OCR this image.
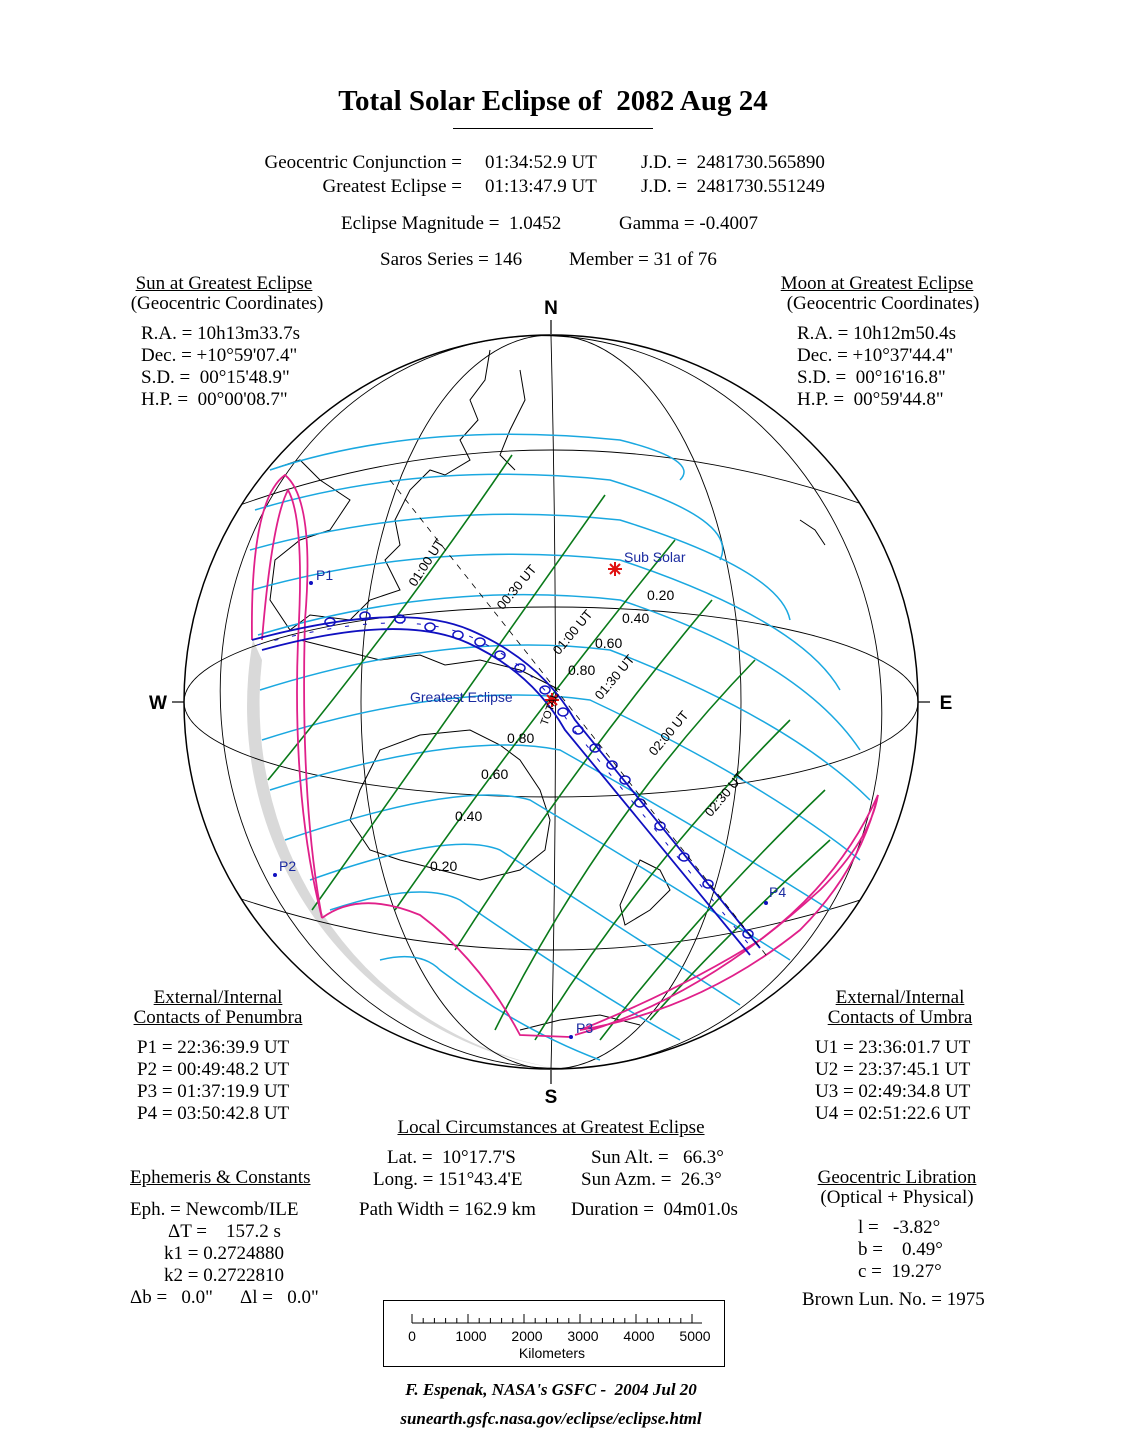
Total Solar Eclipse of  2082 Aug 24
Geocentric Conjunction = 01:34:52.9 UT J.D. =  2481730.565890
Greatest Eclipse = 01:13:47.9 UT J.D. =  2481730.551249
Eclipse Magnitude =  1.0452	Gamma = -0.4007
Saros Series = 146 Member = 31 of 76
Sun at Greatest Eclipse
(Geocentric Coordinates)
R.A. = 10h13m33.7s
Dec. = +10°59'07.4"
S.D. =  00°15'48.9"
H.P. =  00°00'08.7"
Moon at Greatest Eclipse
(Geocentric Coordinates)
R.A. = 10h12m50.4s
Dec. = +10°37'44.4"
S.D. =  00°16'16.8"
H.P. =  00°59'44.8"
N
S
W	E
Sub Solar
Greatest Eclipse
P1
P2
P3
P4
01:00 UT	00:30 UT
01:00 UT
01:30 UT
02:00 UT
02:30 UT
TOTAL
0.20
0.40
0.60
0.80
0.80
0.60
0.40
0.20
External/Internal
Contacts of Penumbra
P1 = 22:36:39.9 UT
P2 = 00:49:48.2 UT
P3 = 01:37:19.9 UT
P4 = 03:50:42.8 UT
External/Internal
Contacts of Umbra
U1 = 23:36:01.7 UT
U2 = 23:37:45.1 UT
U3 = 02:49:34.8 UT
U4 = 02:51:22.6 UT
Local Circumstances at Greatest Eclipse
Lat. =  10°17.7'S
Long. = 151°43.4'E
Sun Alt. =   66.3°
Sun Azm. =  26.3°
Path Width = 162.9 km Duration =  04m01.0s
Ephemeris & Constants
Eph. = Newcomb/ILE
ΔT =    157.2 s
k1 = 0.2724880
k2 = 0.2722810
Δb =   0.0" Δl =   0.0"
Geocentric Libration
(Optical + Physical)
l =   -3.82°
b =    0.49°
c =  19.27°
Brown Lun. No. = 1975
0	1000 2000 3000 4000 5000
Kilometers
F. Espenak, NASA's GSFC -  2004 Jul 20
sunearth.gsfc.nasa.gov/eclipse/eclipse.html
